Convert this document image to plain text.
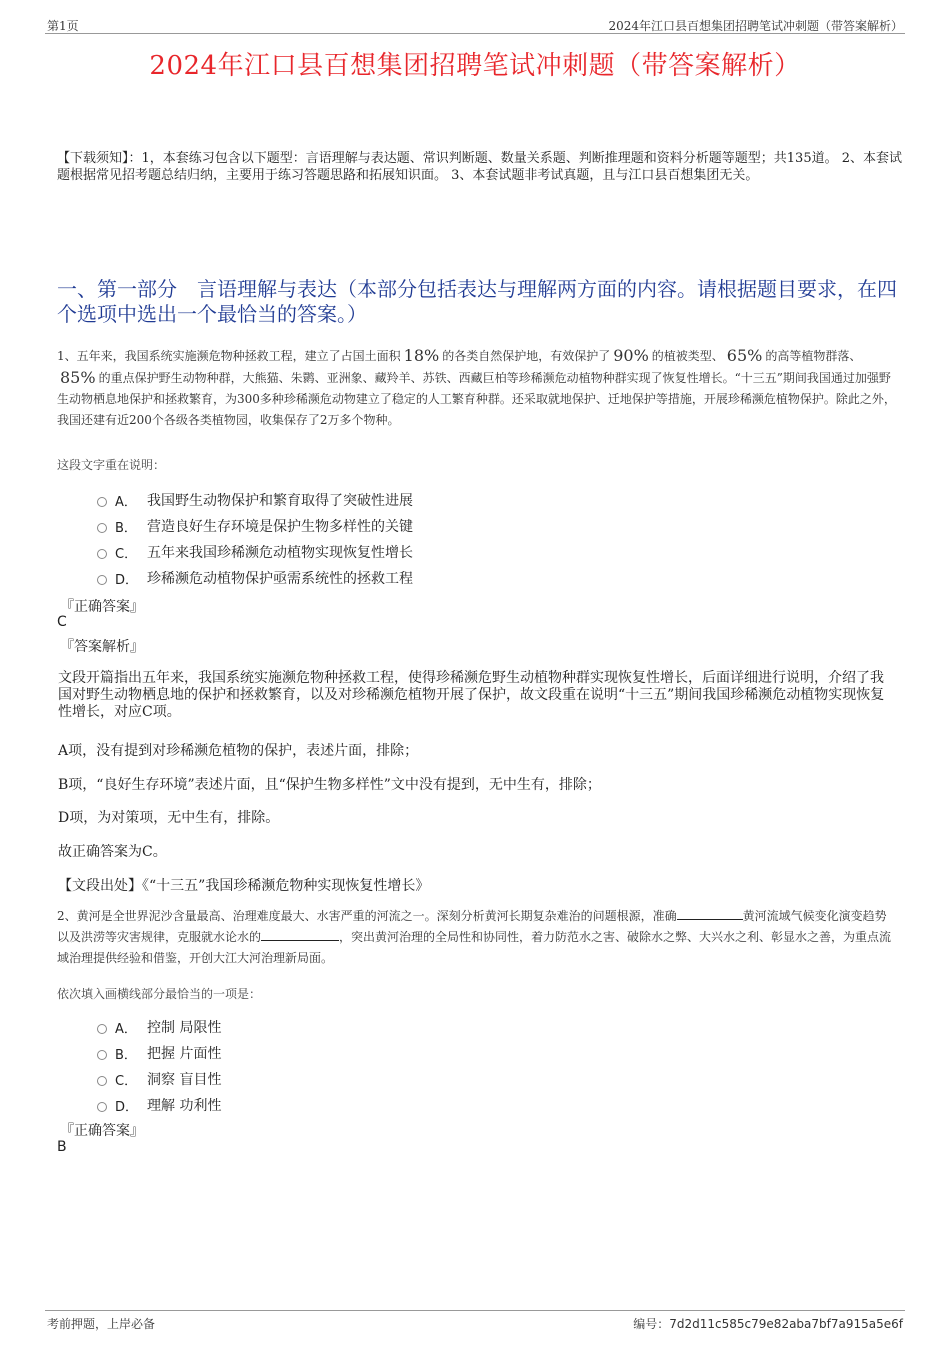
第1页	2024年江口县百想集团招聘笔试冲刺题（带答案解析）
2024年江口县百想集团招聘笔试冲刺题（带答案解析）
【下载须知】：1，本套练习包含以下题型：言语理解与表达题、常识判断题、数量关系题、判断推理题和资料分析题等题型；共135道。 2、本套试题根据常见招考题总结归纳，主要用于练习答题思路和拓展知识面。 3、本套试题非考试真题，且与江口县百想集团无关。
一、第一部分　言语理解与表达（本部分包括表达与理解两方面的内容。请根据题目要求，在四个选项中选出一个最恰当的答案。）
1、五年来，我国系统实施濒危物种拯救工程，建立了占国土面积 18% 的各类自然保护地，有效保护了 90% 的植被类型、 65% 的高等植物群落、85% 的重点保护野生动物种群，大熊猫、朱鹮、亚洲象、藏羚羊、苏铁、西藏巨柏等珍稀濒危动植物种群实现了恢复性增长。“十三五”期间我国通过加强野生动物栖息地保护和拯救繁育，为300多种珍稀濒危动物建立了稳定的人工繁育种群。还采取就地保护、迁地保护等措施，开展珍稀濒危植物保护。除此之外，我国还建有近200个各级各类植物园，收集保存了2万多个物种。
这段文字重在说明：
A． 我国野生动物保护和繁育取得了突破性进展
B． 营造良好生存环境是保护生物多样性的关键
C． 五年来我国珍稀濒危动植物实现恢复性增长
D． 珍稀濒危动植物保护亟需系统性的拯救工程
『正确答案』
C
『答案解析』
文段开篇指出五年来，我国系统实施濒危物种拯救工程，使得珍稀濒危野生动植物种群实现恢复性增长，后面详细进行说明，介绍了我国对野生动物栖息地的保护和拯救繁育，以及对珍稀濒危植物开展了保护，故文段重在说明“十三五”期间我国珍稀濒危动植物实现恢复性增长，对应C项。
A项，没有提到对珍稀濒危植物的保护，表述片面，排除；
B项，“良好生存环境”表述片面，且“保护生物多样性”文中没有提到，无中生有，排除；
D项，为对策项，无中生有，排除。
故正确答案为C。
【文段出处】《“十三五”我国珍稀濒危物种实现恢复性增长》
2、黄河是全世界泥沙含量最高、治理难度最大、水害严重的河流之一。深刻分析黄河长期复杂难治的问题根源，准确	黄河流域气候变化演变趋势以及洪涝等灾害规律，克服就水论水的	，突出黄河治理的全局性和协同性，着力防范水之害、破除水之弊、大兴水之利、彰显水之善，为重点流域治理提供经验和借鉴，开创大江大河治理新局面。
依次填入画横线部分最恰当的一项是：
A． 控制 局限性
B． 把握 片面性
C． 洞察 盲目性
D． 理解 功利性
『正确答案』
B
考前押题，上岸必备	编号：7d2d11c585c79e82aba7bf7a915a5e6f
